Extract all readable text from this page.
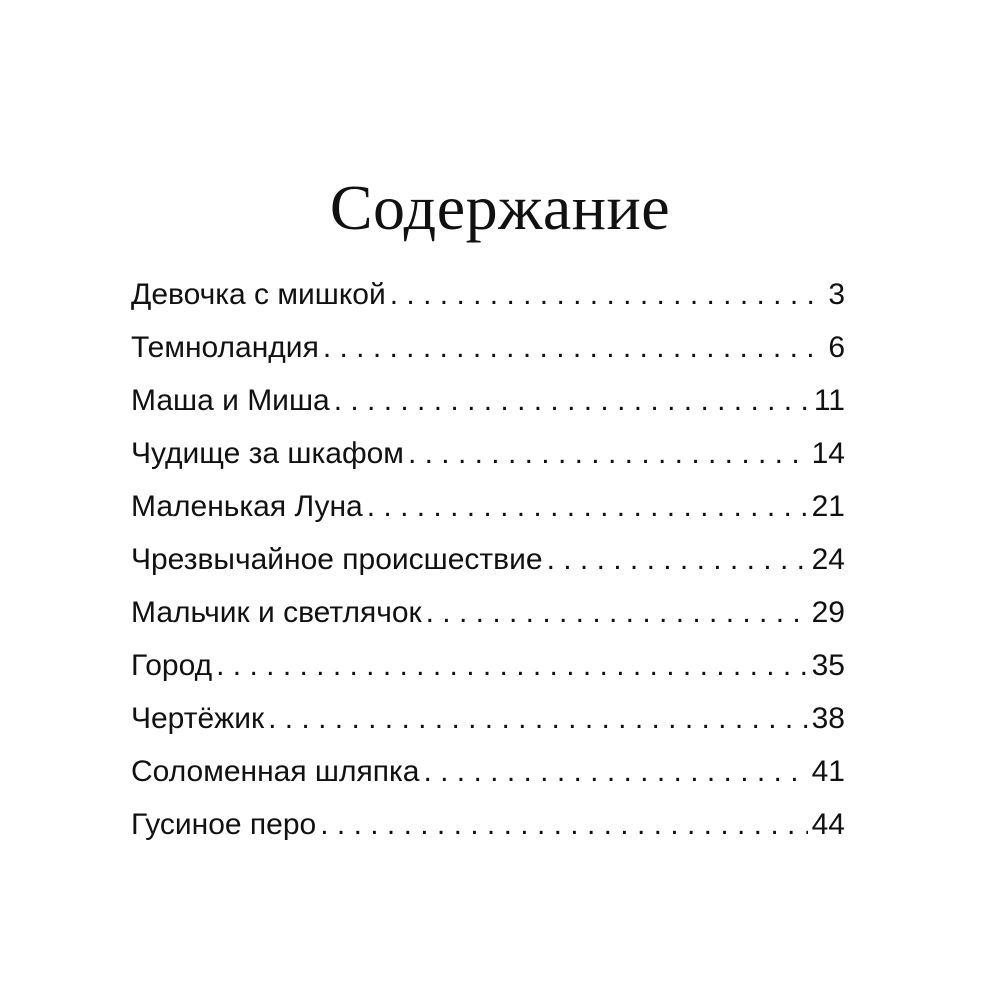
Содержание
Девочка с мишкой . . .	3
Темноландия . . .	6
Маша и Миша . . .	11
Чудище за шкафом . . .	14
Маленькая Луна . . .	21
Чрезвычайное происшествие . . .	24
Мальчик и светлячок . . .	29
Город . . .	35
Чертёжик . . .	38
Соломенная шляпка . . .	41
Гусиное перо . . .	44
